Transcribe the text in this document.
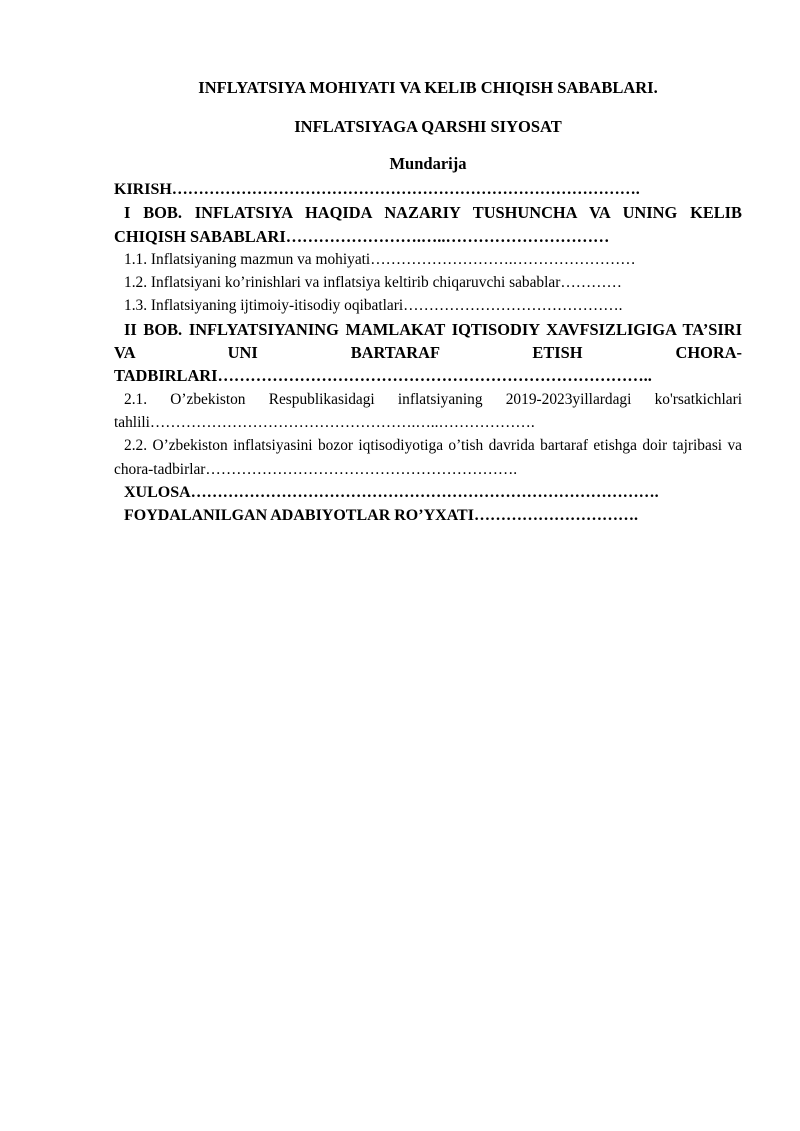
INFLYATSIYA MOHIYATI VA KELIB CHIQISH SABABLARI.
INFLATSIYAGA QARSHI SIYOSAT
Mundarija

KIRISH…………………………………………………………………………….

I BOB. INFLATSIYA HAQIDA NAZARIY TUSHUNCHA VA UNING KELIB CHIQISH SABABLARI…………………….…..…………………………

1.1. Inflatsiyaning mazmun va mohiyati……………………….……………………

1.2. Inflatsiyani ko’rinishlari va inflatsiya keltirib chiqaruvchi sabablar…………

1.3. Inflatsiyaning ijtimoiy-itisodiy oqibatlari…………………………………….

II BOB. INFLYATSIYANING MAMLAKAT IQTISODIY XAVFSIZLIGIGA TA’SIRI VA UNI BARTARAF ETISH CHORA-TADBIRLARI……………………………………………………………………..

2.1. O’zbekiston Respublikasidagi inflatsiyaning 2019-2023yillardagi ko'rsatkichlari tahlili…………………………………………….…..……………….

2.2. O’zbekiston inflatsiyasini bozor iqtisodiyotiga o’tish davrida bartaraf etishga doir tajribasi va chora-tadbirlar…………………………………………………….

XULOSA…………………………………………………………………………….

FOYDALANILGAN ADABIYOTLAR RO’YXATI………………………….
